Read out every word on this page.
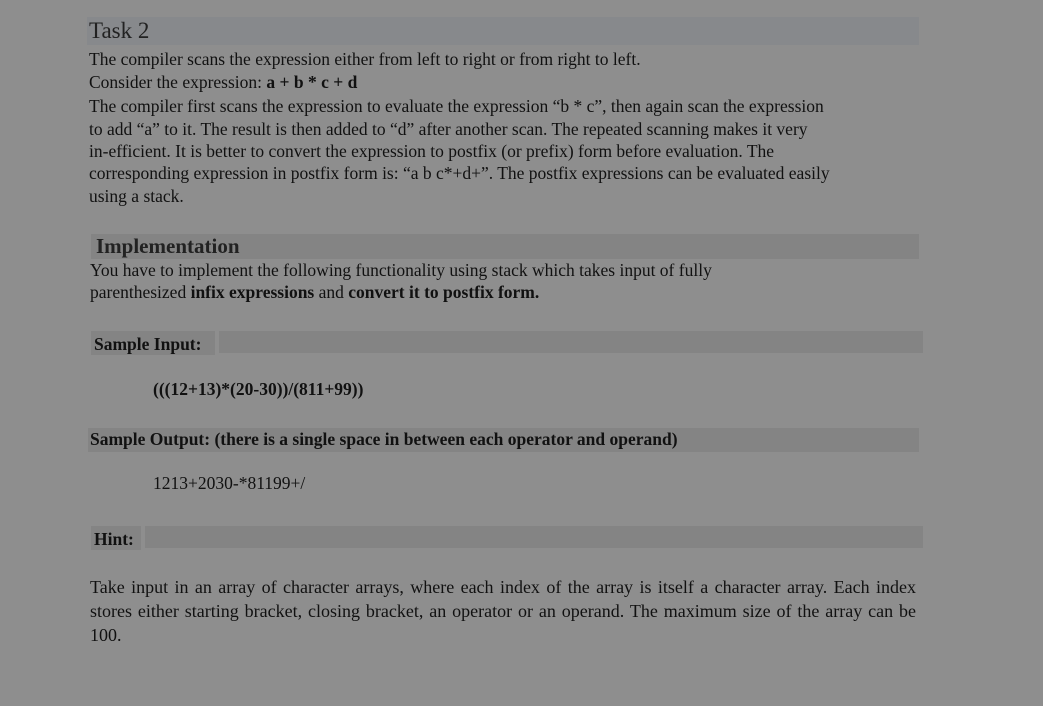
Task 2
The compiler scans the expression either from left to right or from right to left.
Consider the expression: a + b * c + d
The compiler first scans the expression to evaluate the expression “b * c”, then again scan the expression
to add “a” to it. The result is then added to “d” after another scan. The repeated scanning makes it very
in-efficient. It is better to convert the expression to postfix (or prefix) form before evaluation. The
corresponding expression in postfix form is: “a b c*+d+”. The postfix expressions can be evaluated easily
using a stack.
Implementation
You have to implement the following functionality using stack which takes input of fully
parenthesized infix expressions and convert it to postfix form.
Sample Input:
(((12+13)*(20-30))/(811+99))
Sample Output: (there is a single space in between each operator and operand)
1213+2030-*81199+/
Hint:
Take input in an array of character arrays, where each index of the array is itself a character array. Each index stores either starting bracket, closing bracket, an operator or an operand. The maximum size of the array can be 100.
